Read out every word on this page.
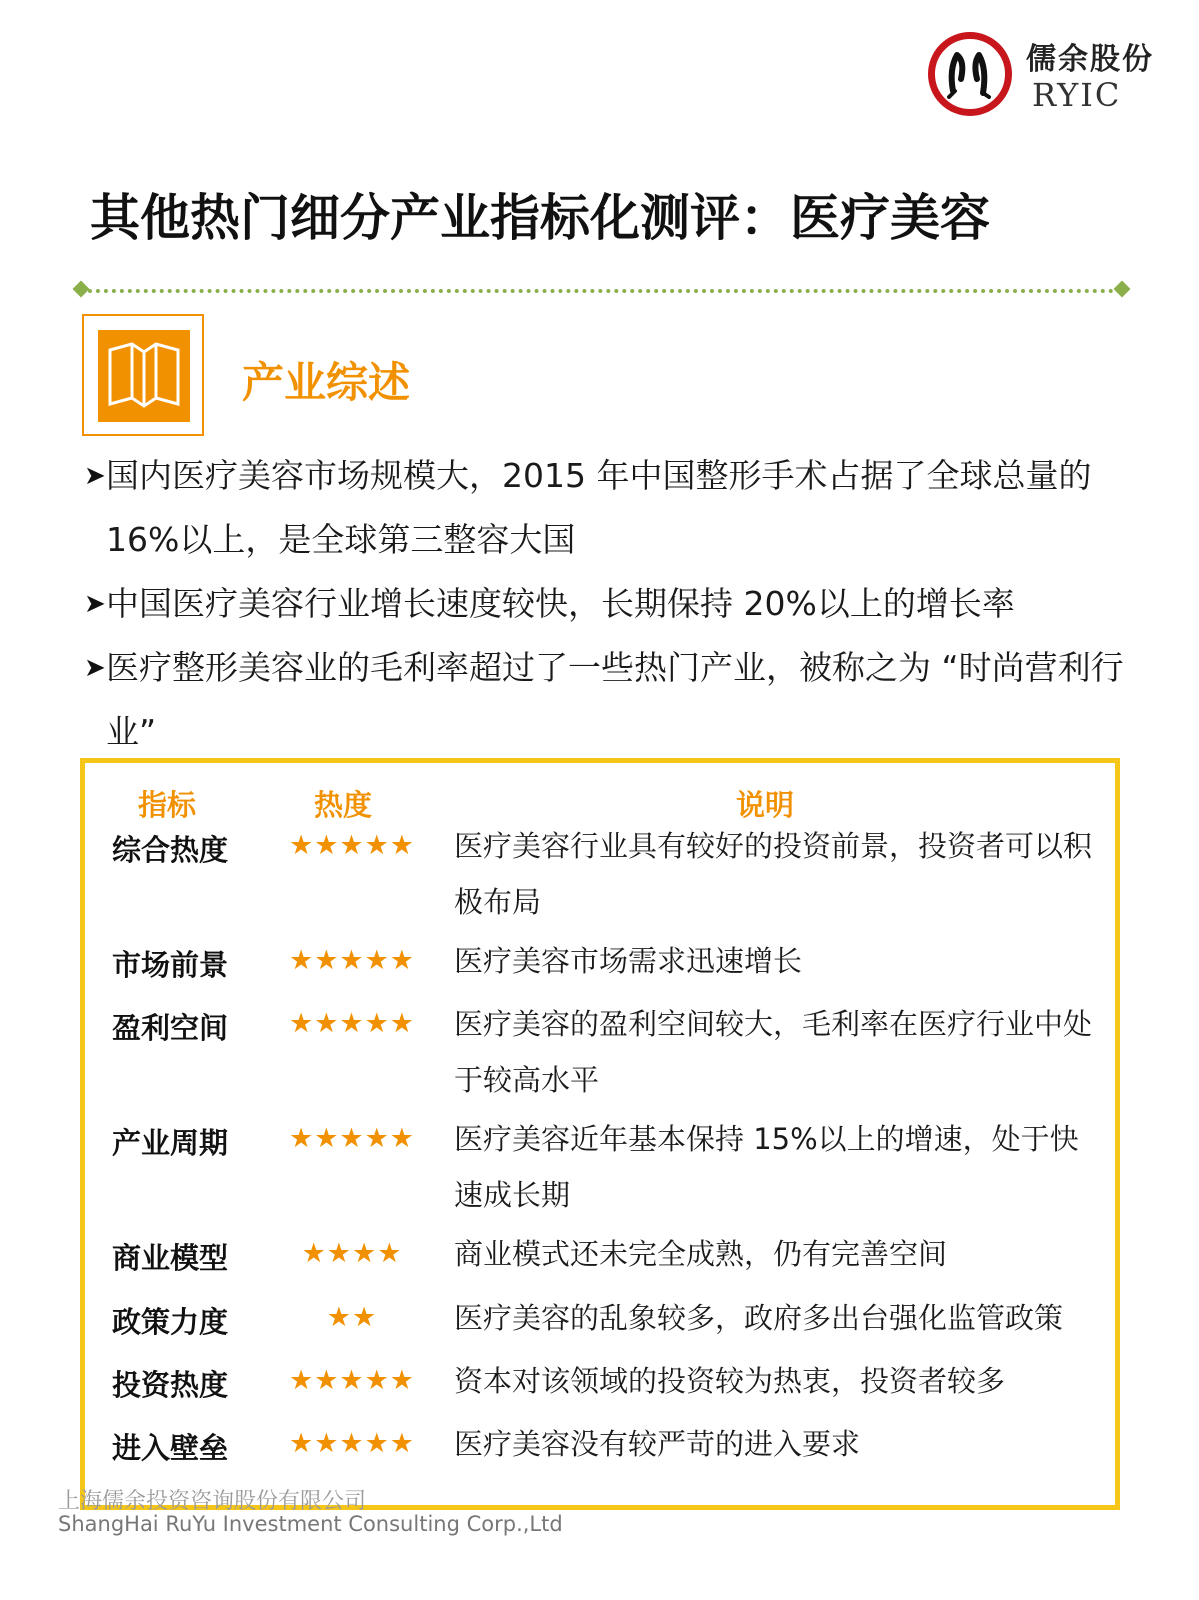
儒余股份
RYIC
其他热门细分产业指标化测评：医疗美容
产业综述
➤ 国内医疗美容市场规模大，2015 年中国整形手术占据了全球总量的16%以上，是全球第三整容大国
➤ 中国医疗美容行业增长速度较快，长期保持 20%以上的增长率
➤ 医疗整形美容业的毛利率超过了一些热门产业，被称之为 “时尚营利行业”
指标	热度	说明
综合热度	★★★★★	医疗美容行业具有较好的投资前景，投资者可以积极布局
市场前景	★★★★★	医疗美容市场需求迅速增长
盈利空间	★★★★★	医疗美容的盈利空间较大，毛利率在医疗行业中处于较高水平
产业周期	★★★★★	医疗美容近年基本保持 15%以上的增速，处于快速成长期
商业模型	★★★★	商业模式还未完全成熟，仍有完善空间
政策力度	★★	医疗美容的乱象较多，政府多出台强化监管政策
投资热度	★★★★★	资本对该领域的投资较为热衷，投资者较多
进入壁垒	★★★★★	医疗美容没有较严苛的进入要求
上海儒余投资咨询股份有限公司
ShangHai RuYu Investment Consulting Corp.,Ltd
